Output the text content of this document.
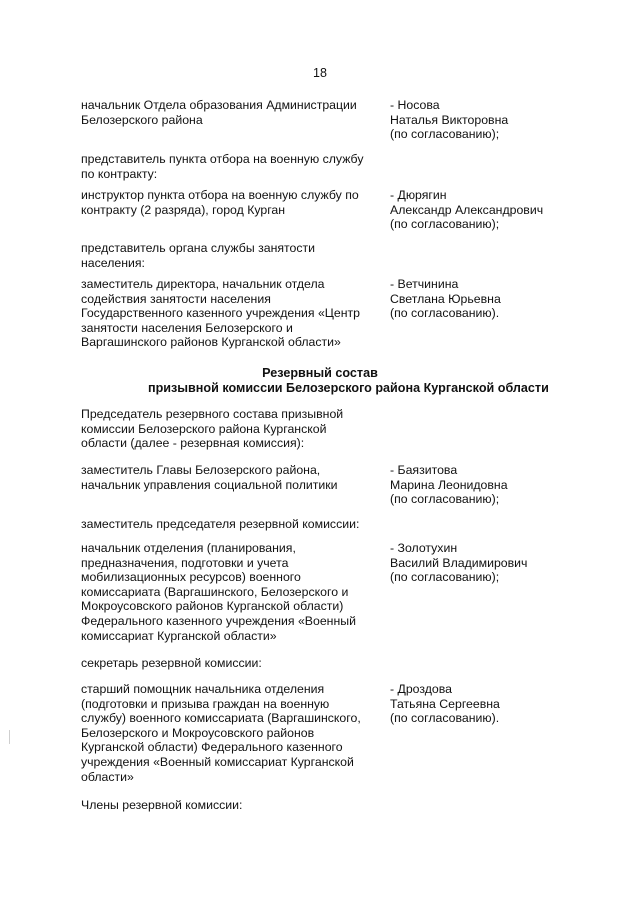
18
начальник Отдела образования Администрации
Белозерского района
- Носова
Наталья Викторовна
(по согласованию);
представитель пункта отбора на военную службу
по контракту:
инструктор пункта отбора на военную службу по
контракту (2 разряда), город Курган
- Дюрягин
Александр Александрович
(по согласованию);
представитель органа службы занятости
населения:
заместитель директора, начальник отдела
содействия занятости населения
Государственного казенного учреждения «Центр
занятости населения Белозерского и
Варгашинского районов Курганской области»
- Ветчинина
Светлана Юрьевна
(по согласованию).
Резервный состав
призывной комиссии Белозерского района Курганской области
Председатель резервного состава призывной
комиссии Белозерского района Курганской
области (далее - резервная комиссия):
заместитель Главы Белозерского района,
начальник управления социальной политики
- Баязитова
Марина Леонидовна
(по согласованию);
заместитель председателя резервной комиссии:
начальник отделения (планирования,
предназначения, подготовки и учета
мобилизационных ресурсов) военного
комиссариата (Варгашинского, Белозерского и
Мокроусовского районов Курганской области)
Федерального казенного учреждения «Военный
комиссариат Курганской области»
- Золотухин
Василий Владимирович
(по согласованию);
секретарь резервной комиссии:
старший помощник начальника отделения
(подготовки и призыва граждан на военную
службу) военного комиссариата (Варгашинского,
Белозерского и Мокроусовского районов
Курганской области) Федерального казенного
учреждения «Военный комиссариат Курганской
области»
- Дроздова
Татьяна Сергеевна
(по согласованию).
Члены резервной комиссии:
